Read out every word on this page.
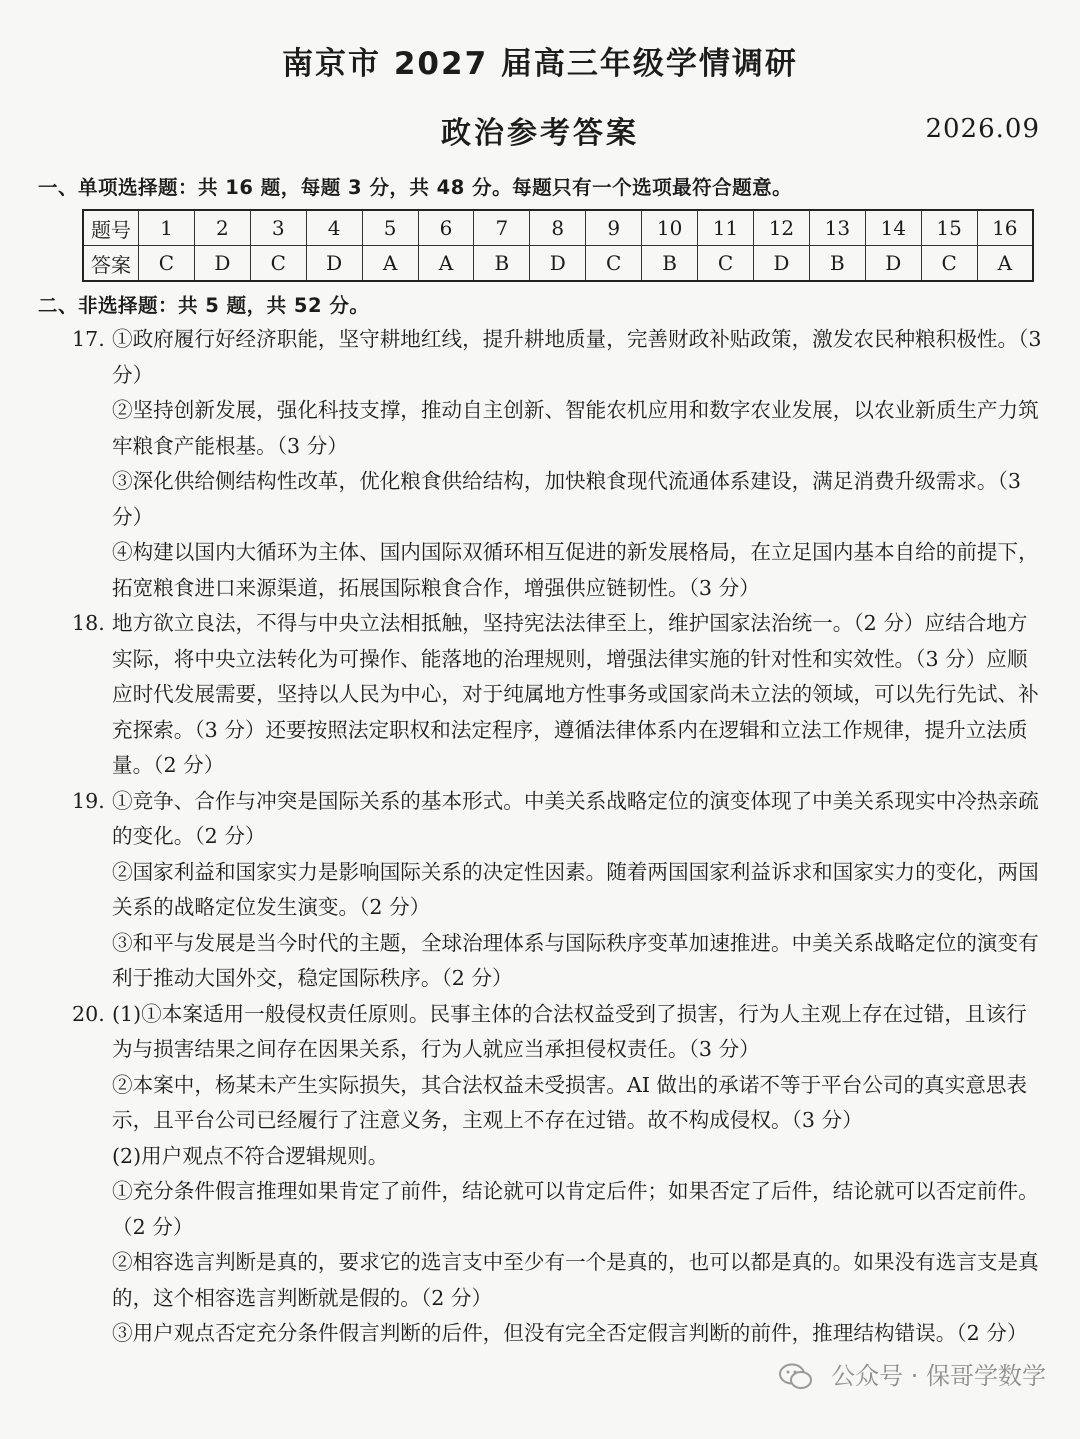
南京市 2027 届高三年级学情调研
政治参考答案	2026.09
一、单项选择题：共 16 题，每题 3 分，共 48 分。每题只有一个选项最符合题意。
题号	1	2	3	4	5	6	7	8	9	10	11	12	13	14	15	16
答案	C	D	C	D	A	A	B	D	C	B	C	D	B	D	C	A
二、非选择题：共 5 题，共 52 分。
17. ①政府履行好经济职能，坚守耕地红线，提升耕地质量，完善财政补贴政策，激发农民种粮积极性。（3 分）
②坚持创新发展，强化科技支撑，推动自主创新、智能农机应用和数字农业发展，以农业新质生产力筑牢粮食产能根基。（3 分）
③深化供给侧结构性改革，优化粮食供给结构，加快粮食现代流通体系建设，满足消费升级需求。（3 分）
④构建以国内大循环为主体、国内国际双循环相互促进的新发展格局，在立足国内基本自给的前提下，拓宽粮食进口来源渠道，拓展国际粮食合作，增强供应链韧性。（3 分）
18. 地方欲立良法，不得与中央立法相抵触，坚持宪法法律至上，维护国家法治统一。（2 分）应结合地方实际，将中央立法转化为可操作、能落地的治理规则，增强法律实施的针对性和实效性。（3 分）应顺应时代发展需要，坚持以人民为中心，对于纯属地方性事务或国家尚未立法的领域，可以先行先试、补充探索。（3 分）还要按照法定职权和法定程序，遵循法律体系内在逻辑和立法工作规律，提升立法质量。（2 分）
19. ①竞争、合作与冲突是国际关系的基本形式。中美关系战略定位的演变体现了中美关系现实中冷热亲疏的变化。（2 分）
②国家利益和国家实力是影响国际关系的决定性因素。随着两国国家利益诉求和国家实力的变化，两国关系的战略定位发生演变。（2 分）
③和平与发展是当今时代的主题，全球治理体系与国际秩序变革加速推进。中美关系战略定位的演变有利于推动大国外交，稳定国际秩序。（2 分）
20. (1)①本案适用一般侵权责任原则。民事主体的合法权益受到了损害，行为人主观上存在过错，且该行为与损害结果之间存在因果关系，行为人就应当承担侵权责任。（3 分）
②本案中，杨某未产生实际损失，其合法权益未受损害。AI 做出的承诺不等于平台公司的真实意思表示，且平台公司已经履行了注意义务，主观上不存在过错。故不构成侵权。（3 分）
(2)用户观点不符合逻辑规则。
①充分条件假言推理如果肯定了前件，结论就可以肯定后件；如果否定了后件，结论就可以否定前件。（2 分）
②相容选言判断是真的，要求它的选言支中至少有一个是真的，也可以都是真的。如果没有选言支是真的，这个相容选言判断就是假的。（2 分）
③用户观点否定充分条件假言判断的后件，但没有完全否定假言判断的前件，推理结构错误。（2 分）
公众号 · 保哥学数学
